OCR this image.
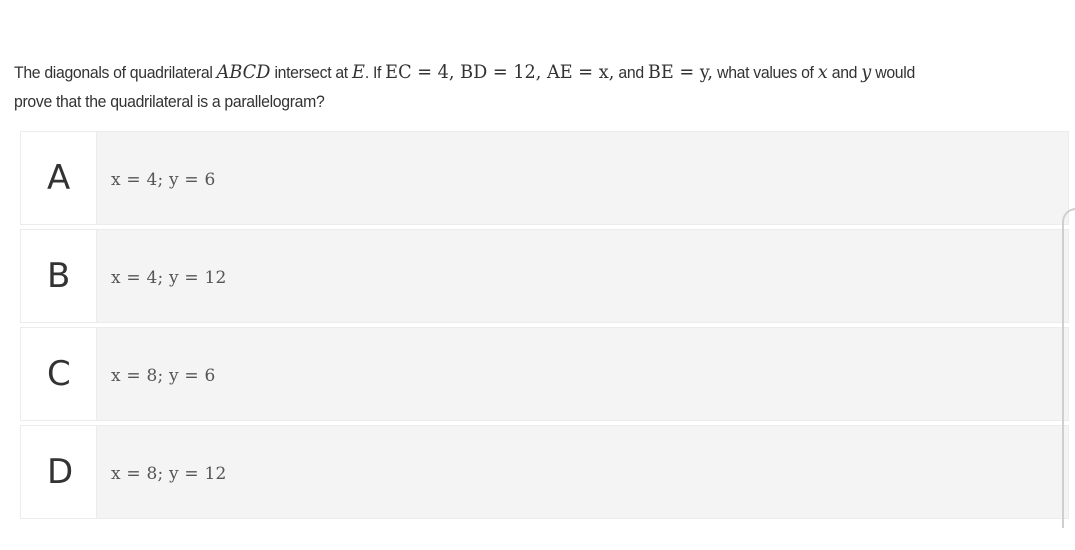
The diagonals of quadrilateral ABCD intersect at E. If EC = 4, BD = 12, AE = x, and BE = y, what values of x and y would
prove that the quadrilateral is a parallelogram?
A x = 4; y = 6
B x = 4; y = 12
C x = 8; y = 6
D x = 8; y = 12
